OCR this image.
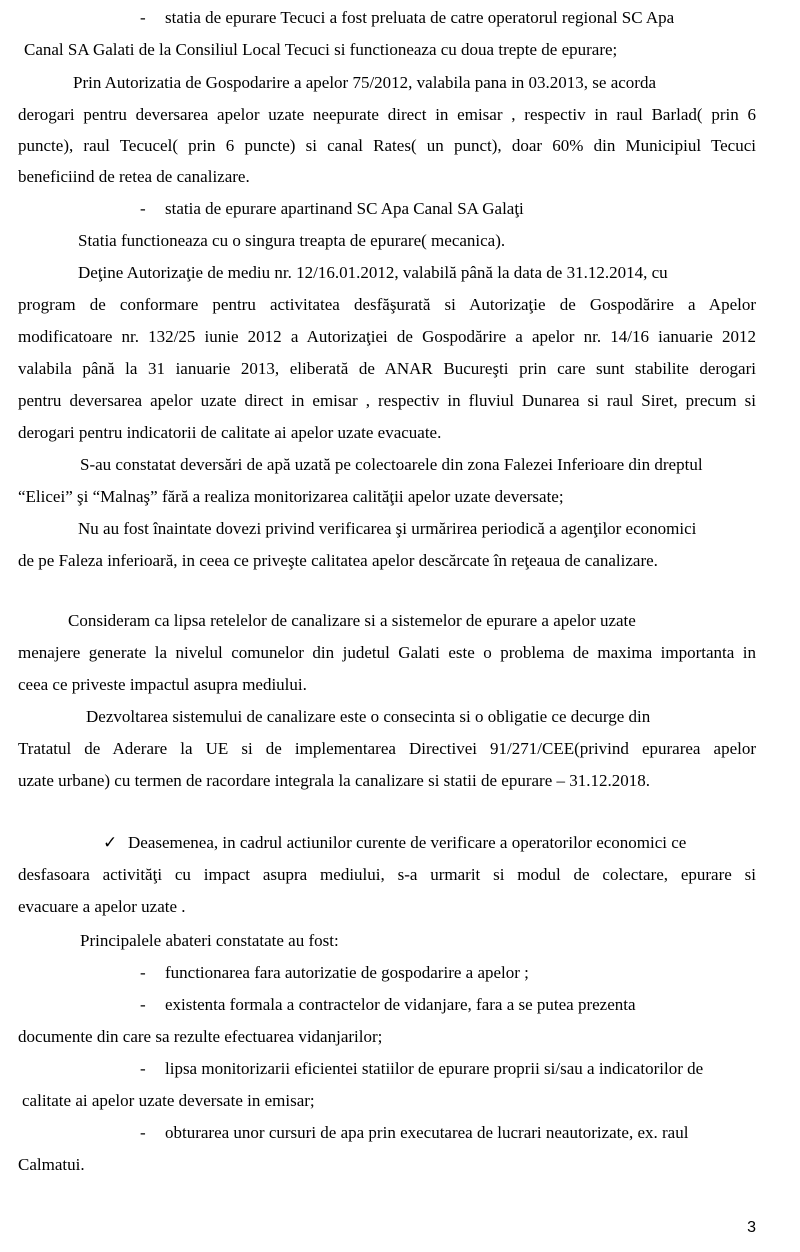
- statia de epurare Tecuci a fost preluata de catre operatorul regional SC Apa
Canal SA Galati de la Consiliul Local Tecuci si functioneaza cu doua trepte de epurare;
Prin Autorizatia de Gospodarire a apelor 75/2012, valabila pana in 03.2013, se acorda
derogari pentru deversarea apelor uzate neepurate direct in emisar , respectiv in raul Barlad( prin 6
puncte), raul Tecucel( prin 6 puncte) si canal Rates( un punct), doar 60% din Municipiul Tecuci
beneficiind de retea de canalizare.
- statia de epurare apartinand SC Apa Canal SA Galaţi
Statia functioneaza cu o singura treapta de epurare( mecanica).
Deţine Autorizaţie de mediu nr. 12/16.01.2012, valabilă până la data de 31.12.2014, cu
program de conformare pentru activitatea desfăşurată si Autorizaţie de Gospodărire a Apelor
modificatoare nr. 132/25 iunie 2012 a Autorizaţiei de Gospodărire a apelor nr. 14/16 ianuarie 2012
valabila până la 31 ianuarie 2013, eliberată de ANAR Bucureşti prin care sunt stabilite derogari
pentru deversarea apelor uzate direct in emisar , respectiv in fluviul Dunarea si raul Siret, precum si
derogari pentru indicatorii de calitate ai apelor uzate evacuate.
S-au constatat deversări de apă uzată pe colectoarele din zona Falezei Inferioare din dreptul
“Elicei” şi “Malnaş” fără a realiza monitorizarea calităţii apelor uzate deversate;
Nu au fost înaintate dovezi privind verificarea şi urmărirea periodică a agenţilor economici
de pe Faleza inferioară, in ceea ce priveşte calitatea apelor descărcate în reţeaua de canalizare.
Consideram ca lipsa retelelor de canalizare si a sistemelor de epurare a apelor uzate
menajere generate la nivelul comunelor din judetul Galati este o problema de maxima importanta in
ceea ce priveste impactul asupra mediului.
Dezvoltarea sistemului de canalizare este o consecinta si o obligatie ce decurge din
Tratatul de Aderare la UE si de implementarea Directivei 91/271/CEE(privind epurarea apelor
uzate urbane) cu termen de racordare integrala la canalizare si statii de epurare – 31.12.2018.
✓ Deasemenea, in cadrul actiunilor curente de verificare a operatorilor economici ce
desfasoara activităţi cu impact asupra mediului, s-a urmarit si modul de colectare, epurare si
evacuare a apelor uzate .
Principalele abateri constatate au fost:
- functionarea fara autorizatie de gospodarire a apelor ;
- existenta formala a contractelor de vidanjare, fara a se putea prezenta
documente din care sa rezulte efectuarea vidanjarilor;
- lipsa monitorizarii eficientei statiilor de epurare proprii si/sau a indicatorilor de
calitate ai apelor uzate deversate in emisar;
- obturarea unor cursuri de apa prin executarea de lucrari neautorizate, ex. raul
Calmatui.
3
